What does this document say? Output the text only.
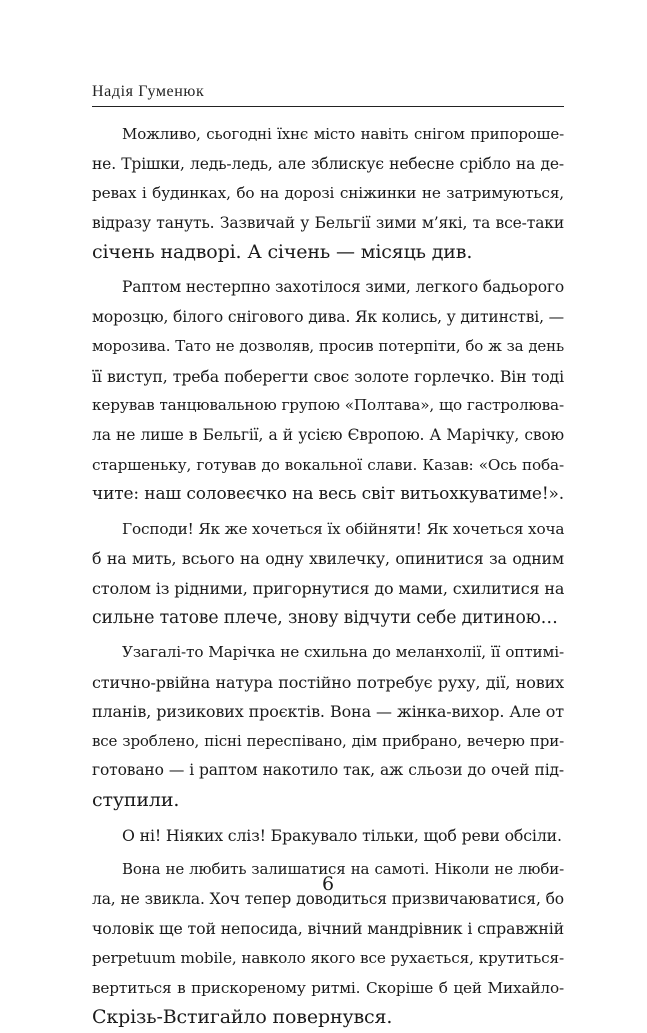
Надія Гуменюк
Можливо, сьогодні їхнє місто навіть снігом припороше-
не. Трішки, ледь-ледь, але зблискує небесне срібло на де-
ревах і будинках, бо на дорозі сніжинки не затримуються,
відразу тануть. Зазвичай у Бельгії зими м’які, та все-таки
січень надворі. А січень — місяць див.
Раптом нестерпно захотілося зими, легкого бадьорого
морозцю, білого снігового дива. Як колись, у дитинстві, —
морозива. Тато не дозволяв, просив потерпіти, бо ж за день
її виступ, треба поберегти своє золоте горлечко. Він тоді
керував танцювальною групою «Полтава», що гастролюва-
ла не лише в Бельгії, а й усією Європою. А Марічку, свою
старшеньку, готував до вокальної слави. Казав: «Ось поба-
чите: наш соловеєчко на весь світ витьохкуватиме!».
Господи! Як же хочеться їх обійняти! Як хочеться хоча
б на мить, всього на одну хвилечку, опинитися за одним
столом із рідними, пригорнутися до мами, схилитися на
сильне татове плече, знову відчути себе дитиною…
Узагалі-то Марічка не схильна до меланхолії, її оптимі-
стично-рвійна натура постійно потребує руху, дії, нових
планів, ризикових проєктів. Вона — жінка-вихор. Але от
все зроблено, пісні переспівано, дім прибрано, вечерю при-
готовано — і раптом накотило так, аж сльози до очей під-
ступили.
О ні! Ніяких сліз! Бракувало тільки, щоб реви обсіли.
Вона не любить залишатися на самоті. Ніколи не люби-
ла, не звикла. Хоч тепер доводиться призвичаюватися, бо
чоловік ще той непосида, вічний мандрівник і справжній
perpetuum mobile, навколо якого все рухається, крутиться-
вертиться в прискореному ритмі. Скоріше б цей Михайло-
Скрізь-Встигайло повернувся.
6
